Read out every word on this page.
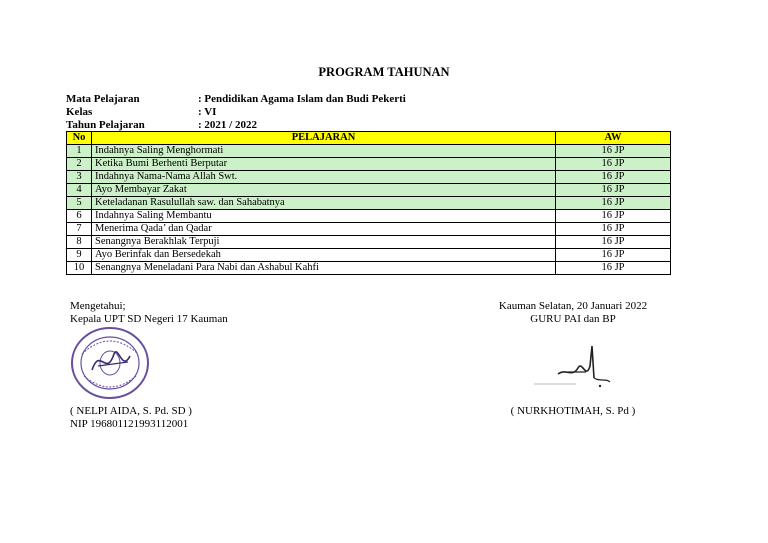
PROGRAM TAHUNAN
Mata Pelajaran	: Pendidikan Agama Islam dan Budi Pekerti
Kelas	: VI
Tahun Pelajaran	: 2021 / 2022
No	PELAJARAN	AW
1	Indahnya Saling Menghormati	16 JP
2	Ketika Bumi Berhenti Berputar	16 JP
3	Indahnya Nama-Nama Allah Swt.	16 JP
4	Ayo Membayar Zakat	16 JP
5	Keteladanan Rasulullah saw. dan Sahabatnya	16 JP
6	Indahnya Saling Membantu	16 JP
7	Menerima Qada’ dan Qadar	16 JP
8	Senangnya Berakhlak Terpuji	16 JP
9	Ayo Berinfak dan Bersedekah	16 JP
10	Senangnya Meneladani Para Nabi dan Ashabul Kahfi	16 JP
Mengetahui;
Kepala UPT SD Negeri 17 Kauman
( NELPI AIDA, S. Pd. SD )
NIP 196801121993112001
Kauman Selatan, 20 Januari 2022
GURU PAI dan BP
( NURKHOTIMAH, S. Pd )
